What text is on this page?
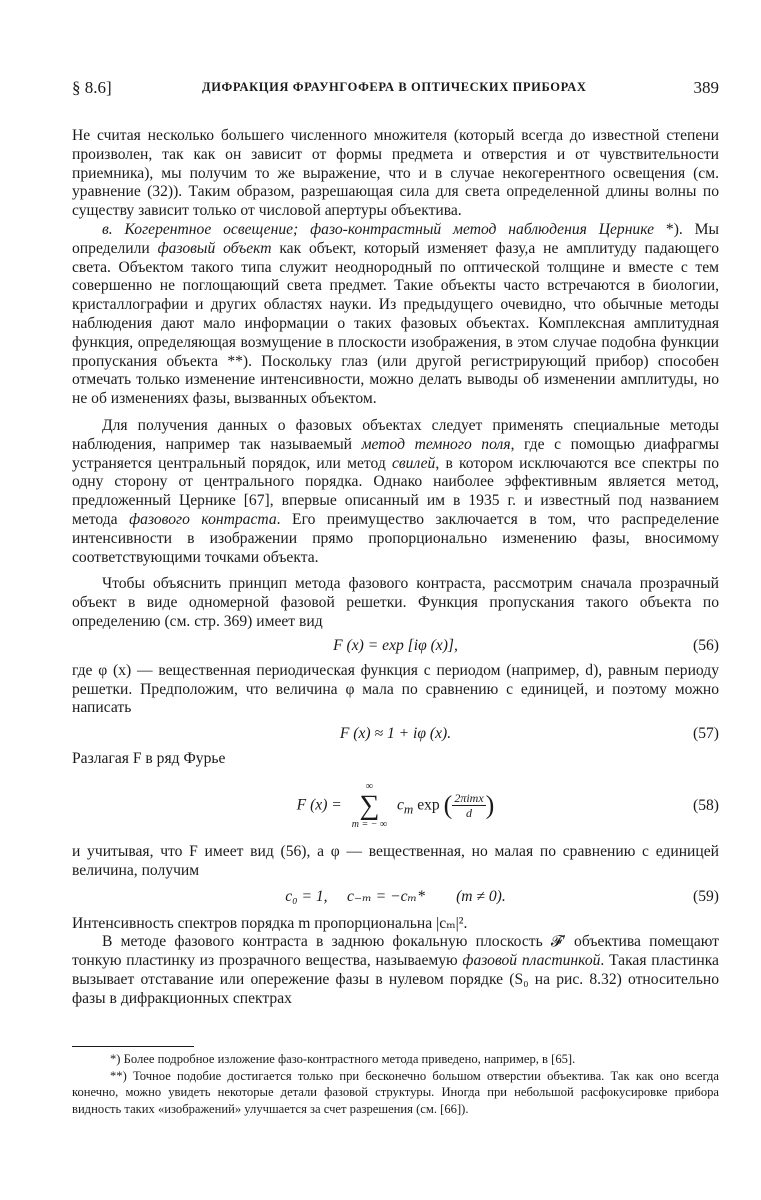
§ 8.6]	ДИФРАКЦИЯ ФРАУНГОФЕРА В ОПТИЧЕСКИХ ПРИБОРАХ	389

Не считая несколько большего численного множителя (который всегда до известной степени произволен, так как он зависит от формы предмета и отверстия и от чувствительности приемника), мы получим то же выражение, что и в случае некогерентного освещения (см. уравнение (32)). Таким образом, разрешающая сила для света определенной длины волны по существу зависит только от числовой апертуры объектива.

в. Когерентное освещение; фазо-контрастный метод наблюдения Цернике *). Мы определили фазовый объект как объект, который изменяет фазу,а не амплитуду падающего света. Объектом такого типа служит неоднородный по оптической толщине и вместе с тем совершенно не поглощающий света предмет. Такие объекты часто встречаются в биологии, кристаллографии и других областях науки. Из предыдущего очевидно, что обычные методы наблюдения дают мало информации о таких фазовых объектах. Комплексная амплитудная функция, определяющая возмущение в плоскости изображения, в этом случае подобна функции пропускания объекта **). Поскольку глаз (или другой регистрирующий прибор) способен отмечать только изменение интенсивности, можно делать выводы об изменении амплитуды, но не об изменениях фазы, вызванных объектом.

Для получения данных о фазовых объектах следует применять специальные методы наблюдения, например так называемый метод темного поля, где с помощью диафрагмы устраняется центральный порядок, или метод свилей, в котором исключаются все спектры по одну сторону от центрального порядка. Однако наиболее эффективным является метод, предложенный Цернике [67], впервые описанный им в 1935 г. и известный под названием метода фазового контраста. Его преимущество заключается в том, что распределение интенсивности в изображении прямо пропорционально изменению фазы, вносимому соответствующими точками объекта.

Чтобы объяснить принцип метода фазового контраста, рассмотрим сначала прозрачный объект в виде одномерной фазовой решетки. Функция пропускания такого объекта по определению (см. стр. 369) имеет вид

F (x) = exp [iφ (x)],	(56)

где φ (x) — вещественная периодическая функция с периодом (например, d), равным периоду решетки. Предположим, что величина φ мала по сравнению с единицей, и поэтому можно написать

F (x) ≈ 1 + iφ (x).	(57)

Разлагая F в ряд Фурье

F (x) =
∞
∑
m = − ∞
$c_m$ exp ( $\frac{\text{2πimx}}{d}$ )	(58)

и учитывая, что F имеет вид (56), а φ — вещественная, но малая по сравнению с единицей величина, получим

c₀ = 1,     c₋ₘ = −cₘ*        (m ≠ 0).	(59)

Интенсивность спектров порядка m пропорциональна |cₘ|².

В методе фазового контраста в заднюю фокальную плоскость 𝓕′ объектива помещают тонкую пластинку из прозрачного вещества, называемую фазовой пластинкой. Такая пластинка вызывает отставание или опережение фазы в нулевом порядке (S₀ на рис. 8.32) относительно фазы в дифракционных спектрах

*) Более подробное изложение фазо-контрастного метода приведено, например, в [65].

**) Точное подобие достигается только при бесконечно большом отверстии объектива. Так как оно всегда конечно, можно увидеть некоторые детали фазовой структуры. Иногда при небольшой расфокусировке прибора видность таких «изображений» улучшается за счет разрешения (см. [66]).
